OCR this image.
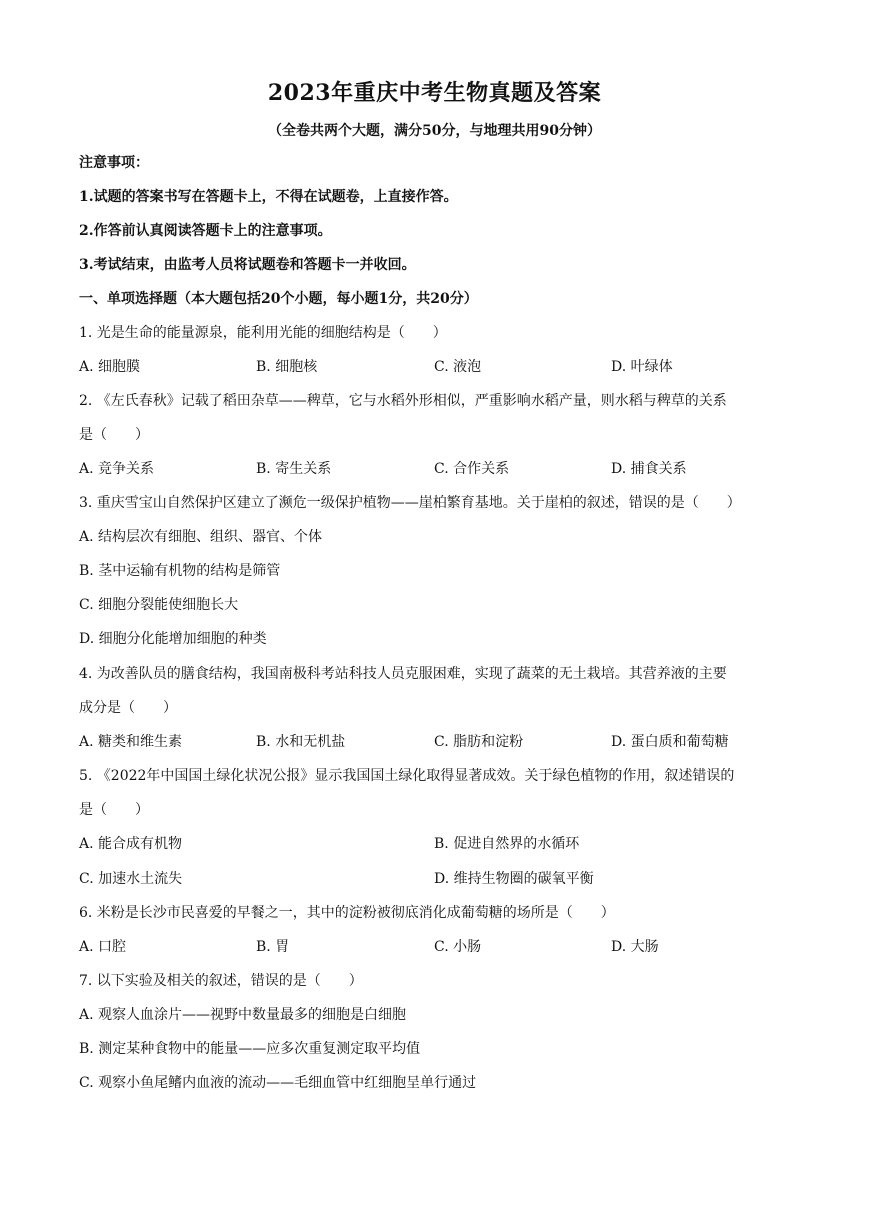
2023年重庆中考生物真题及答案
（全卷共两个大题，满分50分，与地理共用90分钟）
注意事项：
1.试题的答案书写在答题卡上，不得在试题卷，上直接作答。
2.作答前认真阅读答题卡上的注意事项。
3.考试结束，由监考人员将试题卷和答题卡一并收回。
一、单项选择题（本大题包括20个小题，每小题1分，共20分）
1. 光是生命的能量源泉，能利用光能的细胞结构是（　　）
A. 细胞膜	B. 细胞核	C. 液泡	D. 叶绿体
2. 《左氏春秋》记载了稻田杂草——稗草，它与水稻外形相似，严重影响水稻产量，则水稻与稗草的关系
是（　　）
A. 竞争关系	B. 寄生关系	C. 合作关系	D. 捕食关系
3. 重庆雪宝山自然保护区建立了濒危一级保护植物——崖柏繁育基地。关于崖柏的叙述，错误的是（　　）
A. 结构层次有细胞、组织、器官、个体
B. 茎中运输有机物的结构是筛管
C. 细胞分裂能使细胞长大
D. 细胞分化能增加细胞的种类
4. 为改善队员的膳食结构，我国南极科考站科技人员克服困难，实现了蔬菜的无土栽培。其营养液的主要
成分是（　　）
A. 糖类和维生素	B. 水和无机盐	C. 脂肪和淀粉	D. 蛋白质和葡萄糖
5. 《2022年中国国土绿化状况公报》显示我国国土绿化取得显著成效。关于绿色植物的作用，叙述错误的
是（　　）
A. 能合成有机物	B. 促进自然界的水循环
C. 加速水土流失	D. 维持生物圈的碳氧平衡
6. 米粉是长沙市民喜爱的早餐之一，其中的淀粉被彻底消化成葡萄糖的场所是（　　）
A. 口腔	B. 胃	C. 小肠	D. 大肠
7. 以下实验及相关的叙述，错误的是（　　）
A. 观察人血涂片——视野中数量最多的细胞是白细胞
B. 测定某种食物中的能量——应多次重复测定取平均值
C. 观察小鱼尾鳍内血液的流动——毛细血管中红细胞呈单行通过
